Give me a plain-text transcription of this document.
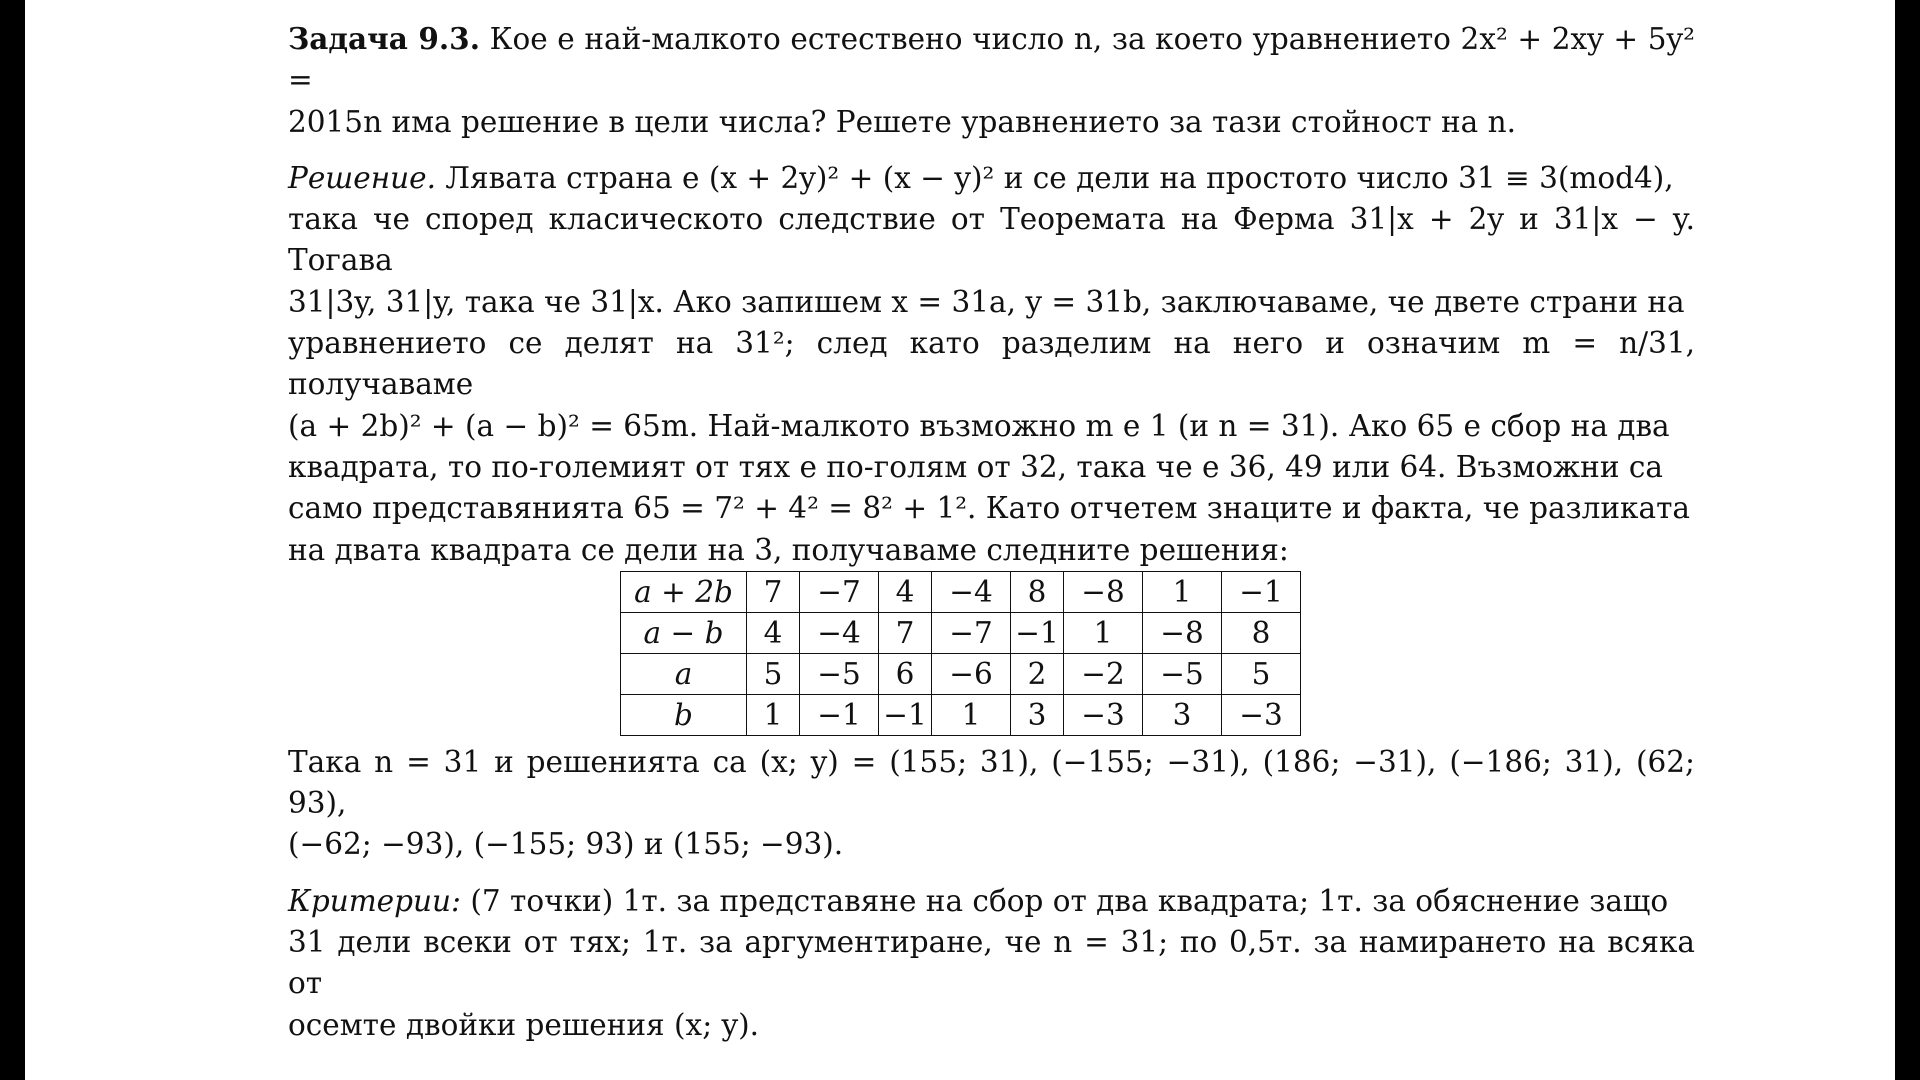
Задача 9.3. Кое е най-малкото естествено число n, за което уравнението 2x² + 2xy + 5y² =
2015n има решение в цели числа? Решете уравнението за тази стойност на n.
Решение. Лявата страна е (x + 2y)² + (x − y)² и се дели на простото число 31 ≡ 3(mod4),
така че според класическото следствие от Теоремата на Ферма 31|x + 2y и 31|x − y. Тогава
31|3y, 31|y, така че 31|x. Ако запишем x = 31a, y = 31b, заключаваме, че двете страни на
уравнението се делят на 31²; след като разделим на него и означим m = n/31, получаваме
(a + 2b)² + (a − b)² = 65m. Най-малкото възможно m е 1 (и n = 31). Ако 65 е сбор на два
квадрата, то по-големият от тях е по-голям от 32, така че е 36, 49 или 64. Възможни са
само представянията 65 = 7² + 4² = 8² + 1². Като отчетем знаците и факта, че разликата
на двата квадрата се дели на 3, получаваме следните решения:
a + 2b	7	−7	4	−4	8	−8	1	−1
a − b	4	−4	7	−7	−1	1	−8	8
a	5	−5	6	−6	2	−2	−5	5
b	1	−1	−1	1	3	−3	3	−3
Така n = 31 и решенията са (x; y) = (155; 31), (−155; −31), (186; −31), (−186; 31), (62; 93),
(−62; −93), (−155; 93) и (155; −93).
Критерии: (7 точки) 1т. за представяне на сбор от два квадрата; 1т. за обяснение защо
31 дели всеки от тях; 1т. за аргументиране, че n = 31; по 0,5т. за намирането на всяка от
осемте двойки решения (x; y).
